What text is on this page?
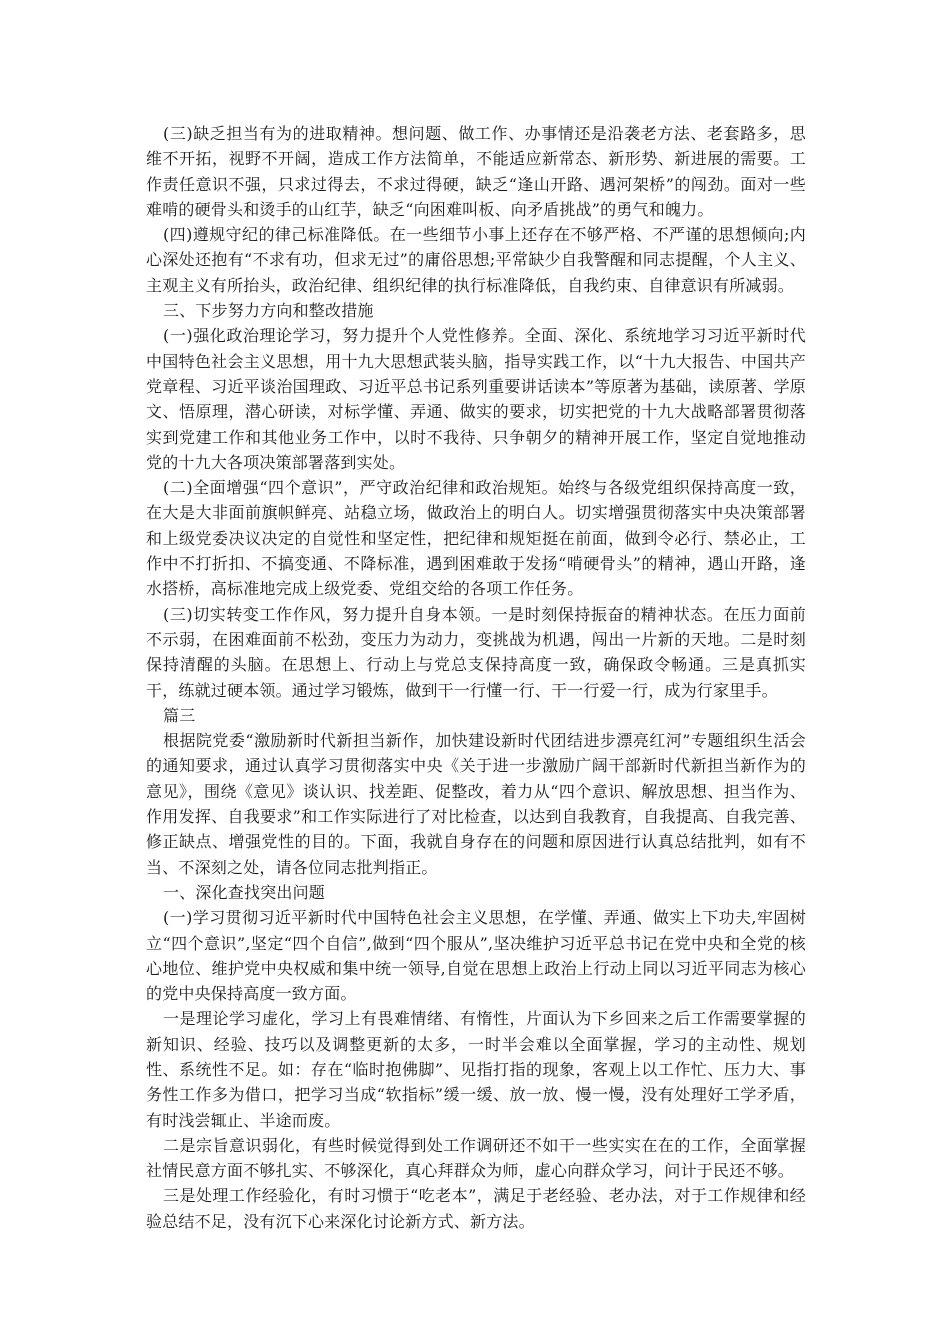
(三)缺乏担当有为的进取精神。想问题、做工作、办事情还是沿袭老方法、老套路多，思维不开拓，视野不开阔，造成工作方法简单，不能适应新常态、新形势、新进展的需要。工作责任意识不强，只求过得去，不求过得硬，缺乏“逢山开路、遇河架桥”的闯劲。面对一些难啃的硬骨头和烫手的山红芋，缺乏“向困难叫板、向矛盾挑战”的勇气和魄力。

(四)遵规守纪的律己标准降低。在一些细节小事上还存在不够严格、不严谨的思想倾向;内心深处还抱有“不求有功，但求无过”的庸俗思想;平常缺少自我警醒和同志提醒，个人主义、主观主义有所抬头，政治纪律、组织纪律的执行标准降低，自我约束、自律意识有所减弱。

三、下步努力方向和整改措施

(一)强化政治理论学习，努力提升个人党性修养。全面、深化、系统地学习习近平新时代中国特色社会主义思想，用十九大思想武装头脑，指导实践工作，以“十九大报告、中国共产党章程、习近平谈治国理政、习近平总书记系列重要讲话读本”等原著为基础，读原著、学原文、悟原理，潜心研读，对标学懂、弄通、做实的要求，切实把党的十九大战略部署贯彻落实到党建工作和其他业务工作中，以时不我待、只争朝夕的精神开展工作，坚定自觉地推动党的十九大各项决策部署落到实处。

(二)全面增强“四个意识”，严守政治纪律和政治规矩。始终与各级党组织保持高度一致，在大是大非面前旗帜鲜亮、站稳立场，做政治上的明白人。切实增强贯彻落实中央决策部署和上级党委决议决定的自觉性和坚定性，把纪律和规矩挺在前面，做到令必行、禁必止，工作中不打折扣、不搞变通、不降标准，遇到困难敢于发扬“啃硬骨头”的精神，遇山开路，逢水搭桥，高标准地完成上级党委、党组交给的各项工作任务。

(三)切实转变工作作风，努力提升自身本领。一是时刻保持振奋的精神状态。在压力面前不示弱，在困难面前不松劲，变压力为动力，变挑战为机遇，闯出一片新的天地。二是时刻保持清醒的头脑。在思想上、行动上与党总支保持高度一致，确保政令畅通。三是真抓实干，练就过硬本领。通过学习锻炼，做到干一行懂一行、干一行爱一行，成为行家里手。

篇三

根据院党委“激励新时代新担当新作，加快建设新时代团结进步漂亮红河”专题组织生活会的通知要求，通过认真学习贯彻落实中央《关于进一步激励广阔干部新时代新担当新作为的意见》，围绕《意见》谈认识、找差距、促整改，着力从“四个意识、解放思想、担当作为、作用发挥、自我要求”和工作实际进行了对比检查，以达到自我教育，自我提高、自我完善、修正缺点、增强党性的目的。下面，我就自身存在的问题和原因进行认真总结批判，如有不当、不深刻之处，请各位同志批判指正。

一、深化查找突出问题

(一)学习贯彻习近平新时代中国特色社会主义思想，在学懂、弄通、做实上下功夫,牢固树立“四个意识”,坚定“四个自信”,做到“四个服从”,坚决维护习近平总书记在党中央和全党的核心地位、维护党中央权威和集中统一领导,自觉在思想上政治上行动上同以习近平同志为核心的党中央保持高度一致方面。

一是理论学习虚化，学习上有畏难情绪、有惰性，片面认为下乡回来之后工作需要掌握的新知识、经验、技巧以及调整更新的太多，一时半会难以全面掌握，学习的主动性、规划性、系统性不足。如：存在“临时抱佛脚”、见指打指的现象，客观上以工作忙、压力大、事务性工作多为借口，把学习当成“软指标”缓一缓、放一放、慢一慢，没有处理好工学矛盾，有时浅尝辄止、半途而废。

二是宗旨意识弱化，有些时候觉得到处工作调研还不如干一些实实在在的工作，全面掌握社情民意方面不够扎实、不够深化，真心拜群众为师，虚心向群众学习，问计于民还不够。

三是处理工作经验化，有时习惯于“吃老本”，满足于老经验、老办法，对于工作规律和经验总结不足，没有沉下心来深化讨论新方式、新方法。
